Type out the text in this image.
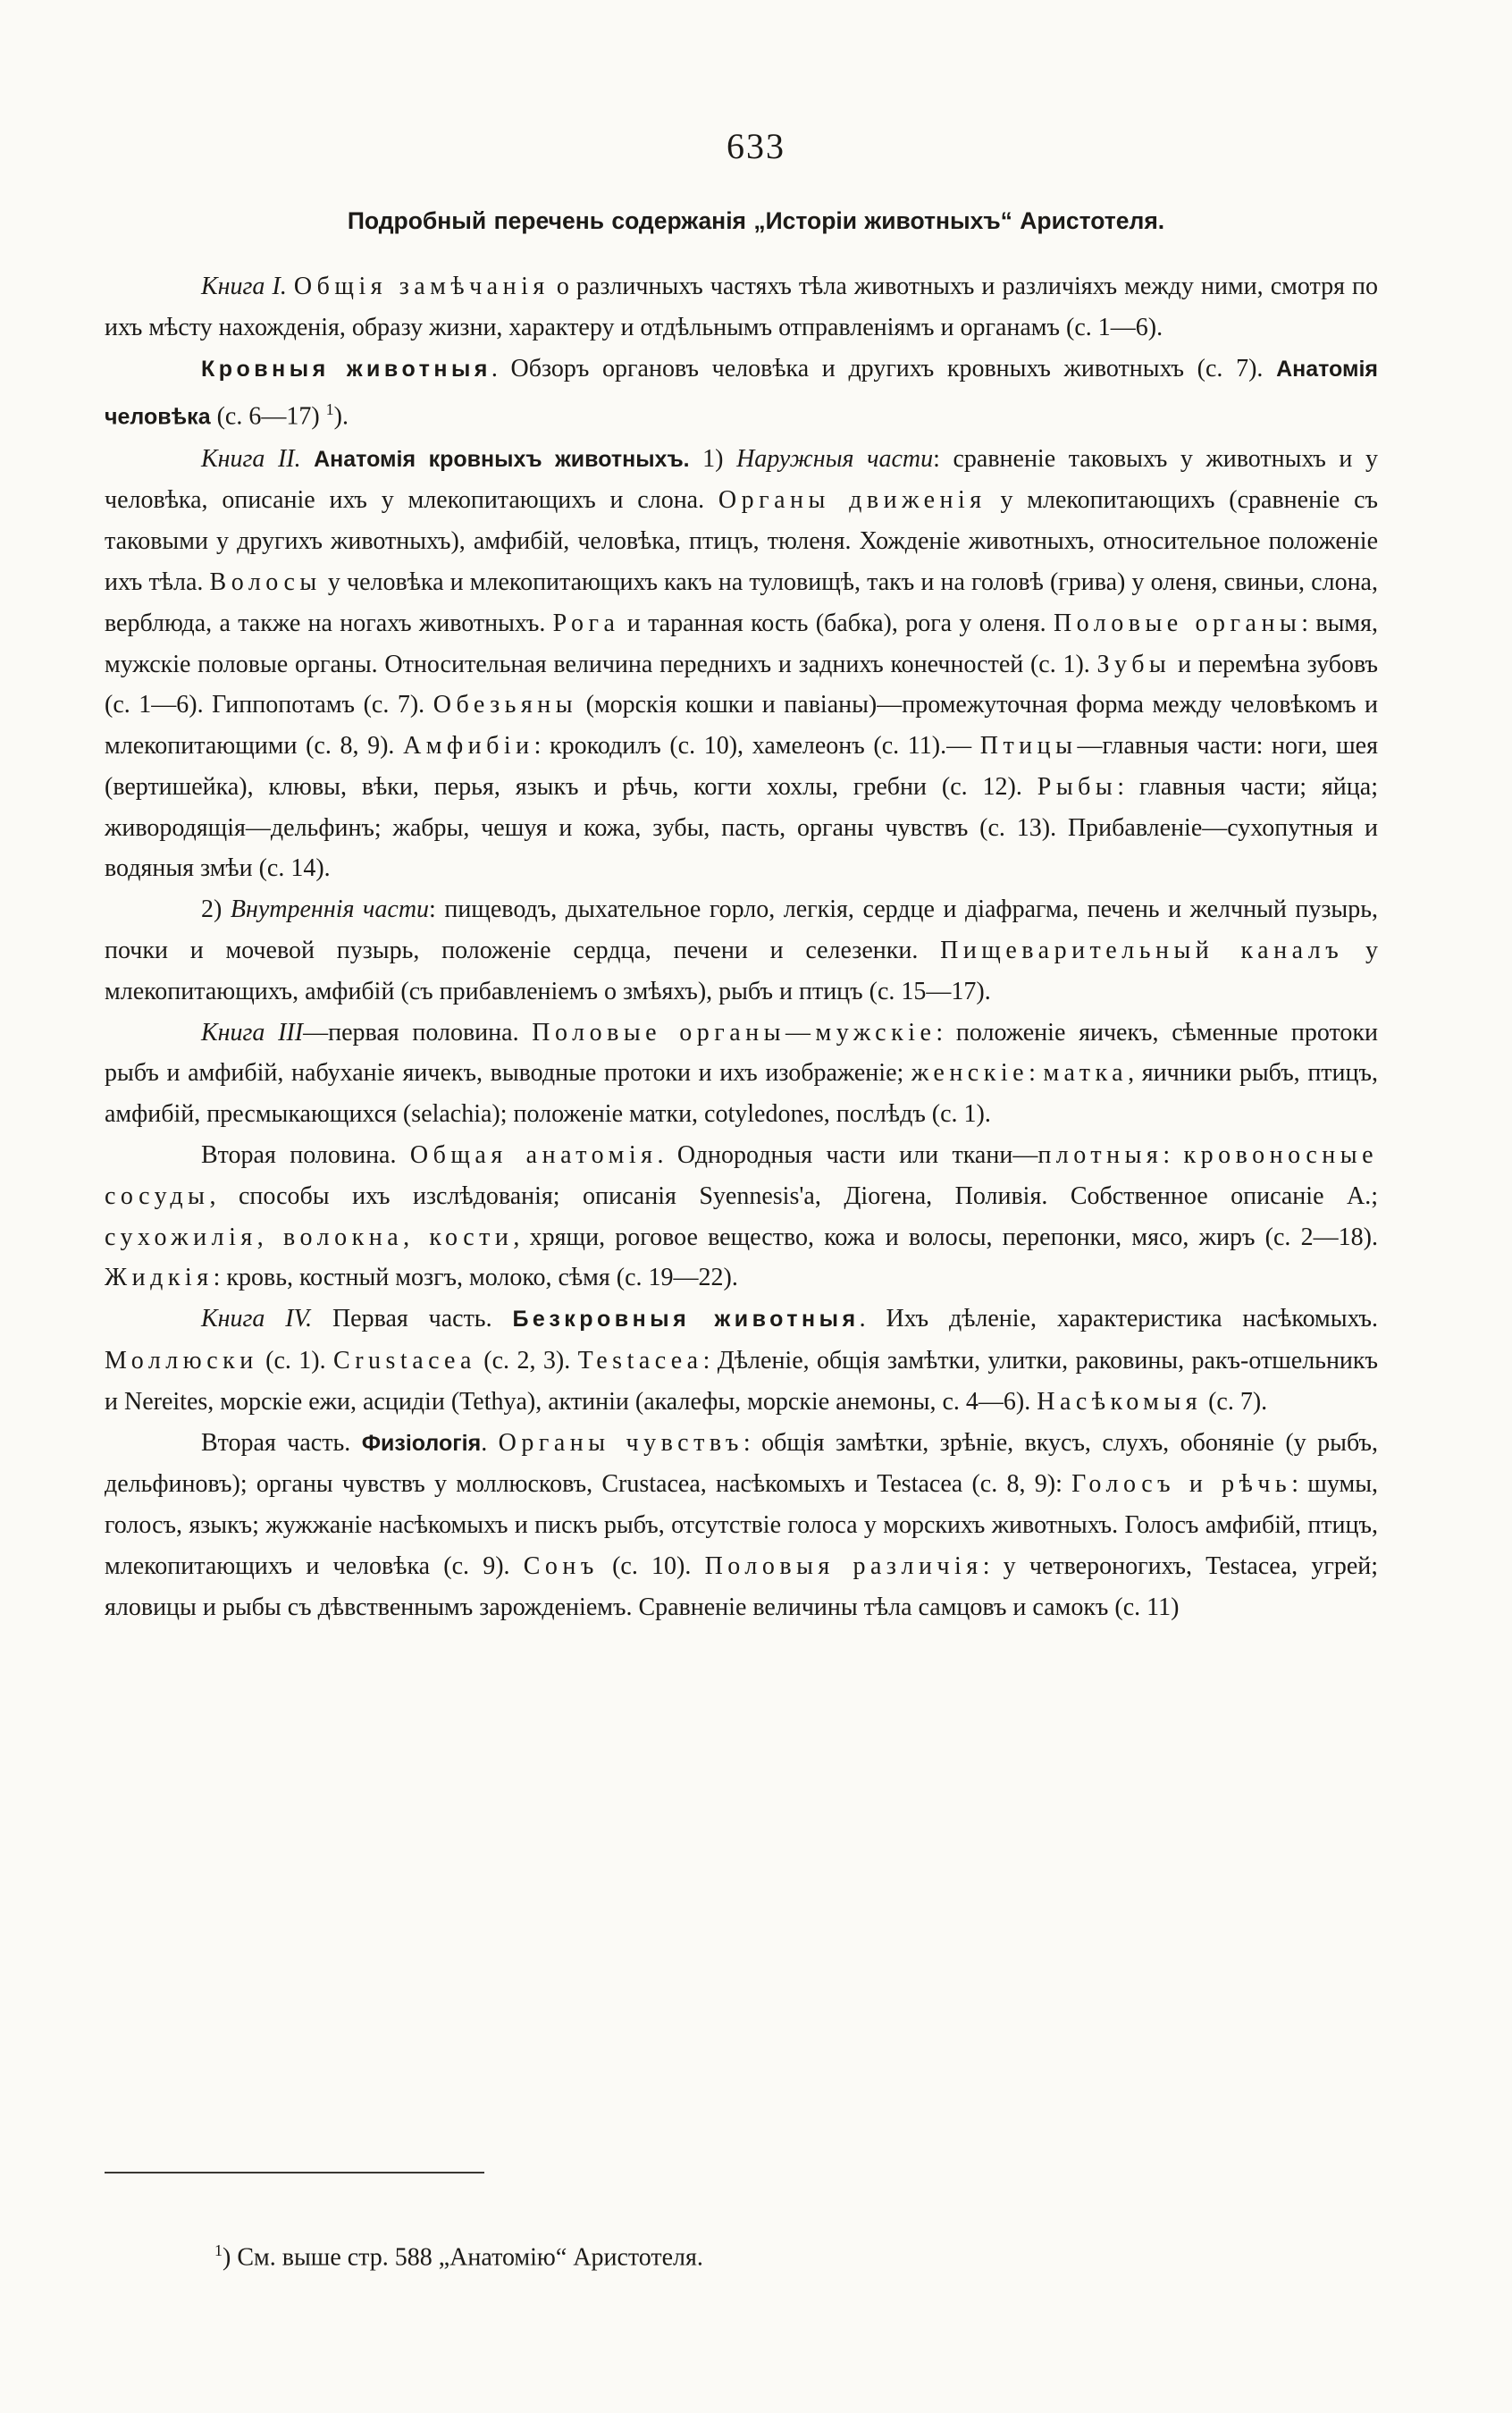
633
Подробный перечень содержанія „Исторіи животныхъ“ Аристотеля.

Книга I. Общія замѣчанія о различныхъ частяхъ тѣла животныхъ и различіяхъ между ними, смотря по ихъ мѣсту нахожденія, образу жизни, характеру и отдѣльнымъ отправленіямъ и органамъ (с. 1—6).

Кровныя животныя. Обзоръ органовъ человѣка и другихъ кровныхъ животныхъ (с. 7). Анатомія человѣка (с. 6—17) $^1$).

Книга II. Анатомія кровныхъ животныхъ. 1) Наружныя части: сравненіе таковыхъ у животныхъ и у человѣка, описаніе ихъ у млекопитающихъ и слона. Органы движенія у млекопитающихъ (сравненіе съ таковыми у другихъ животныхъ), амфибій, человѣка, птицъ, тюленя. Хожденіе животныхъ, относительное положеніе ихъ тѣла. Волосы у человѣка и млекопитающихъ какъ на туловищѣ, такъ и на головѣ (грива) у оленя, свиньи, слона, верблюда, а также на ногахъ животныхъ. Рога и таранная кость (бабка), рога у оленя. Половые органы: вымя, мужскіе половые органы. Относительная величина переднихъ и заднихъ конечностей (с. 1). Зубы и перемѣна зубовъ (с. 1—6). Гиппопотамъ (с. 7). Обезьяны (морскія кошки и павіаны)—промежуточная форма между человѣкомъ и млекопитающими (с. 8, 9). Амфибіи: крокодилъ (с. 10), хамелеонъ (с. 11).— Птицы—главныя части: ноги, шея (вертишейка), клювы, вѣки, перья, языкъ и рѣчь, когти хохлы, гребни (с. 12). Рыбы: главныя части; яйца; живородящія—дельфинъ; жабры, чешуя и кожа, зубы, пасть, органы чувствъ (с. 13). Прибавленіе—сухопутныя и водяныя змѣи (с. 14).

2) Внутреннія части: пищеводъ, дыхательное горло, легкія, сердце и діафрагма, печень и желчный пузырь, почки и мочевой пузырь, положеніе сердца, печени и селезенки. Пищеварительный каналъ у млекопитающихъ, амфибій (съ прибавленіемъ о змѣяхъ), рыбъ и птицъ (с. 15—17).

Книга III—первая половина. Половые органы—мужскіе: положеніе яичекъ, сѣменные протоки рыбъ и амфибій, набуханіе яичекъ, выводные протоки и ихъ изображеніе; женскіе: матка, яичники рыбъ, птицъ, амфибій, пресмыкающихся (selachia); положеніе матки, cotyledones, послѣдъ (с. 1).

Вторая половина. Общая анатомія. Однородныя части или ткани—плотныя: кровоносные сосуды, способы ихъ изслѣдованія; описанія Syennesis'а, Діогена, Поливія. Собственное описаніе А.; сухожилія, волокна, кости, хрящи, роговое вещество, кожа и волосы, перепонки, мясо, жиръ (с. 2—18). Жидкія: кровь, костный мозгъ, молоко, сѣмя (с. 19—22).

Книга IV. Первая часть. Безкровныя животныя. Ихъ дѣленіе, характеристика насѣкомыхъ. Моллюски (с. 1). Crustacea (с. 2, 3). Testacea: Дѣленіе, общія замѣтки, улитки, раковины, ракъ-отшельникъ и Nereites, морскіе ежи, асцидіи (Tethya), актиніи (акалефы, морскіе анемоны, с. 4—6). Насѣкомыя (с. 7).

Вторая часть. Физіологія. Органы чувствъ: общія замѣтки, зрѣніе, вкусъ, слухъ, обоняніе (у рыбъ, дельфиновъ); органы чувствъ у моллюсковъ, Crustacea, насѣкомыхъ и Testacea (с. 8, 9): Голосъ и рѣчь: шумы, голосъ, языкъ; жужжаніе насѣкомыхъ и пискъ рыбъ, отсутствіе голоса у морскихъ животныхъ. Голосъ амфибій, птицъ, млекопитающихъ и человѣка (с. 9). Сонъ (с. 10). Половыя различія: у четвероногихъ, Testacea, угрей; яловицы и рыбы съ дѣвственнымъ зарожденіемъ. Сравненіе величины тѣла самцовъ и самокъ (с. 11)

$^1$) См. выше стр. 588 „Анатомію“ Аристотеля.
